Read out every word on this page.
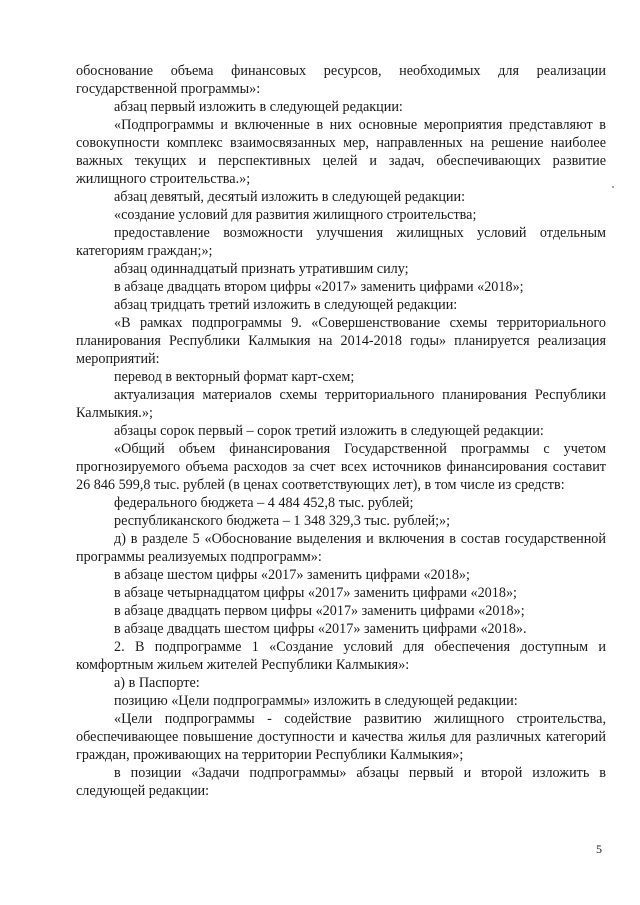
обоснование объема финансовых ресурсов, необходимых для реализации государственной программы»:

абзац первый изложить в следующей редакции:

«Подпрограммы и включенные в них основные мероприятия представляют в совокупности комплекс взаимосвязанных мер, направленных на решение наиболее важных текущих и перспективных целей и задач, обеспечивающих развитие жилищного строительства.»;

абзац девятый, десятый изложить в следующей редакции:

«создание условий для развития жилищного строительства;

предоставление возможности улучшения жилищных условий отдельным категориям граждан;»;

абзац одиннадцатый признать утратившим силу;

в абзаце двадцать втором цифры «2017» заменить цифрами «2018»;

абзац тридцать третий изложить в следующей редакции:

«В рамках подпрограммы 9. «Совершенствование схемы территориального планирования Республики Калмыкия на 2014-2018 годы» планируется реализация мероприятий:

перевод в векторный формат карт-схем;

актуализация материалов схемы территориального планирования Республики Калмыкия.»;

абзацы сорок первый – сорок третий изложить в следующей редакции:

«Общий объем финансирования Государственной программы с учетом прогнозируемого объема расходов за счет всех источников финансирования составит 26 846 599,8 тыс. рублей (в ценах соответствующих лет), в том числе из средств:

федерального бюджета – 4 484 452,8 тыс. рублей;

республиканского бюджета – 1 348 329,3 тыс. рублей;»;

д) в разделе 5 «Обоснование выделения и включения в состав государственной программы реализуемых подпрограмм»:

в абзаце шестом цифры «2017» заменить цифрами «2018»;

в абзаце четырнадцатом цифры «2017» заменить цифрами «2018»;

в абзаце двадцать первом цифры «2017» заменить цифрами «2018»;

в абзаце двадцать шестом цифры «2017» заменить цифрами «2018».

2. В подпрограмме 1 «Создание условий для обеспечения доступным и комфортным жильем жителей Республики Калмыкия»:

а) в Паспорте:

позицию «Цели подпрограммы» изложить в следующей редакции:

«Цели подпрограммы - содействие развитию жилищного строительства, обеспечивающее повышение доступности и качества жилья для различных категорий граждан, проживающих на территории Республики Калмыкия»;

в позиции «Задачи подпрограммы» абзацы первый и второй изложить в следующей редакции:

5
